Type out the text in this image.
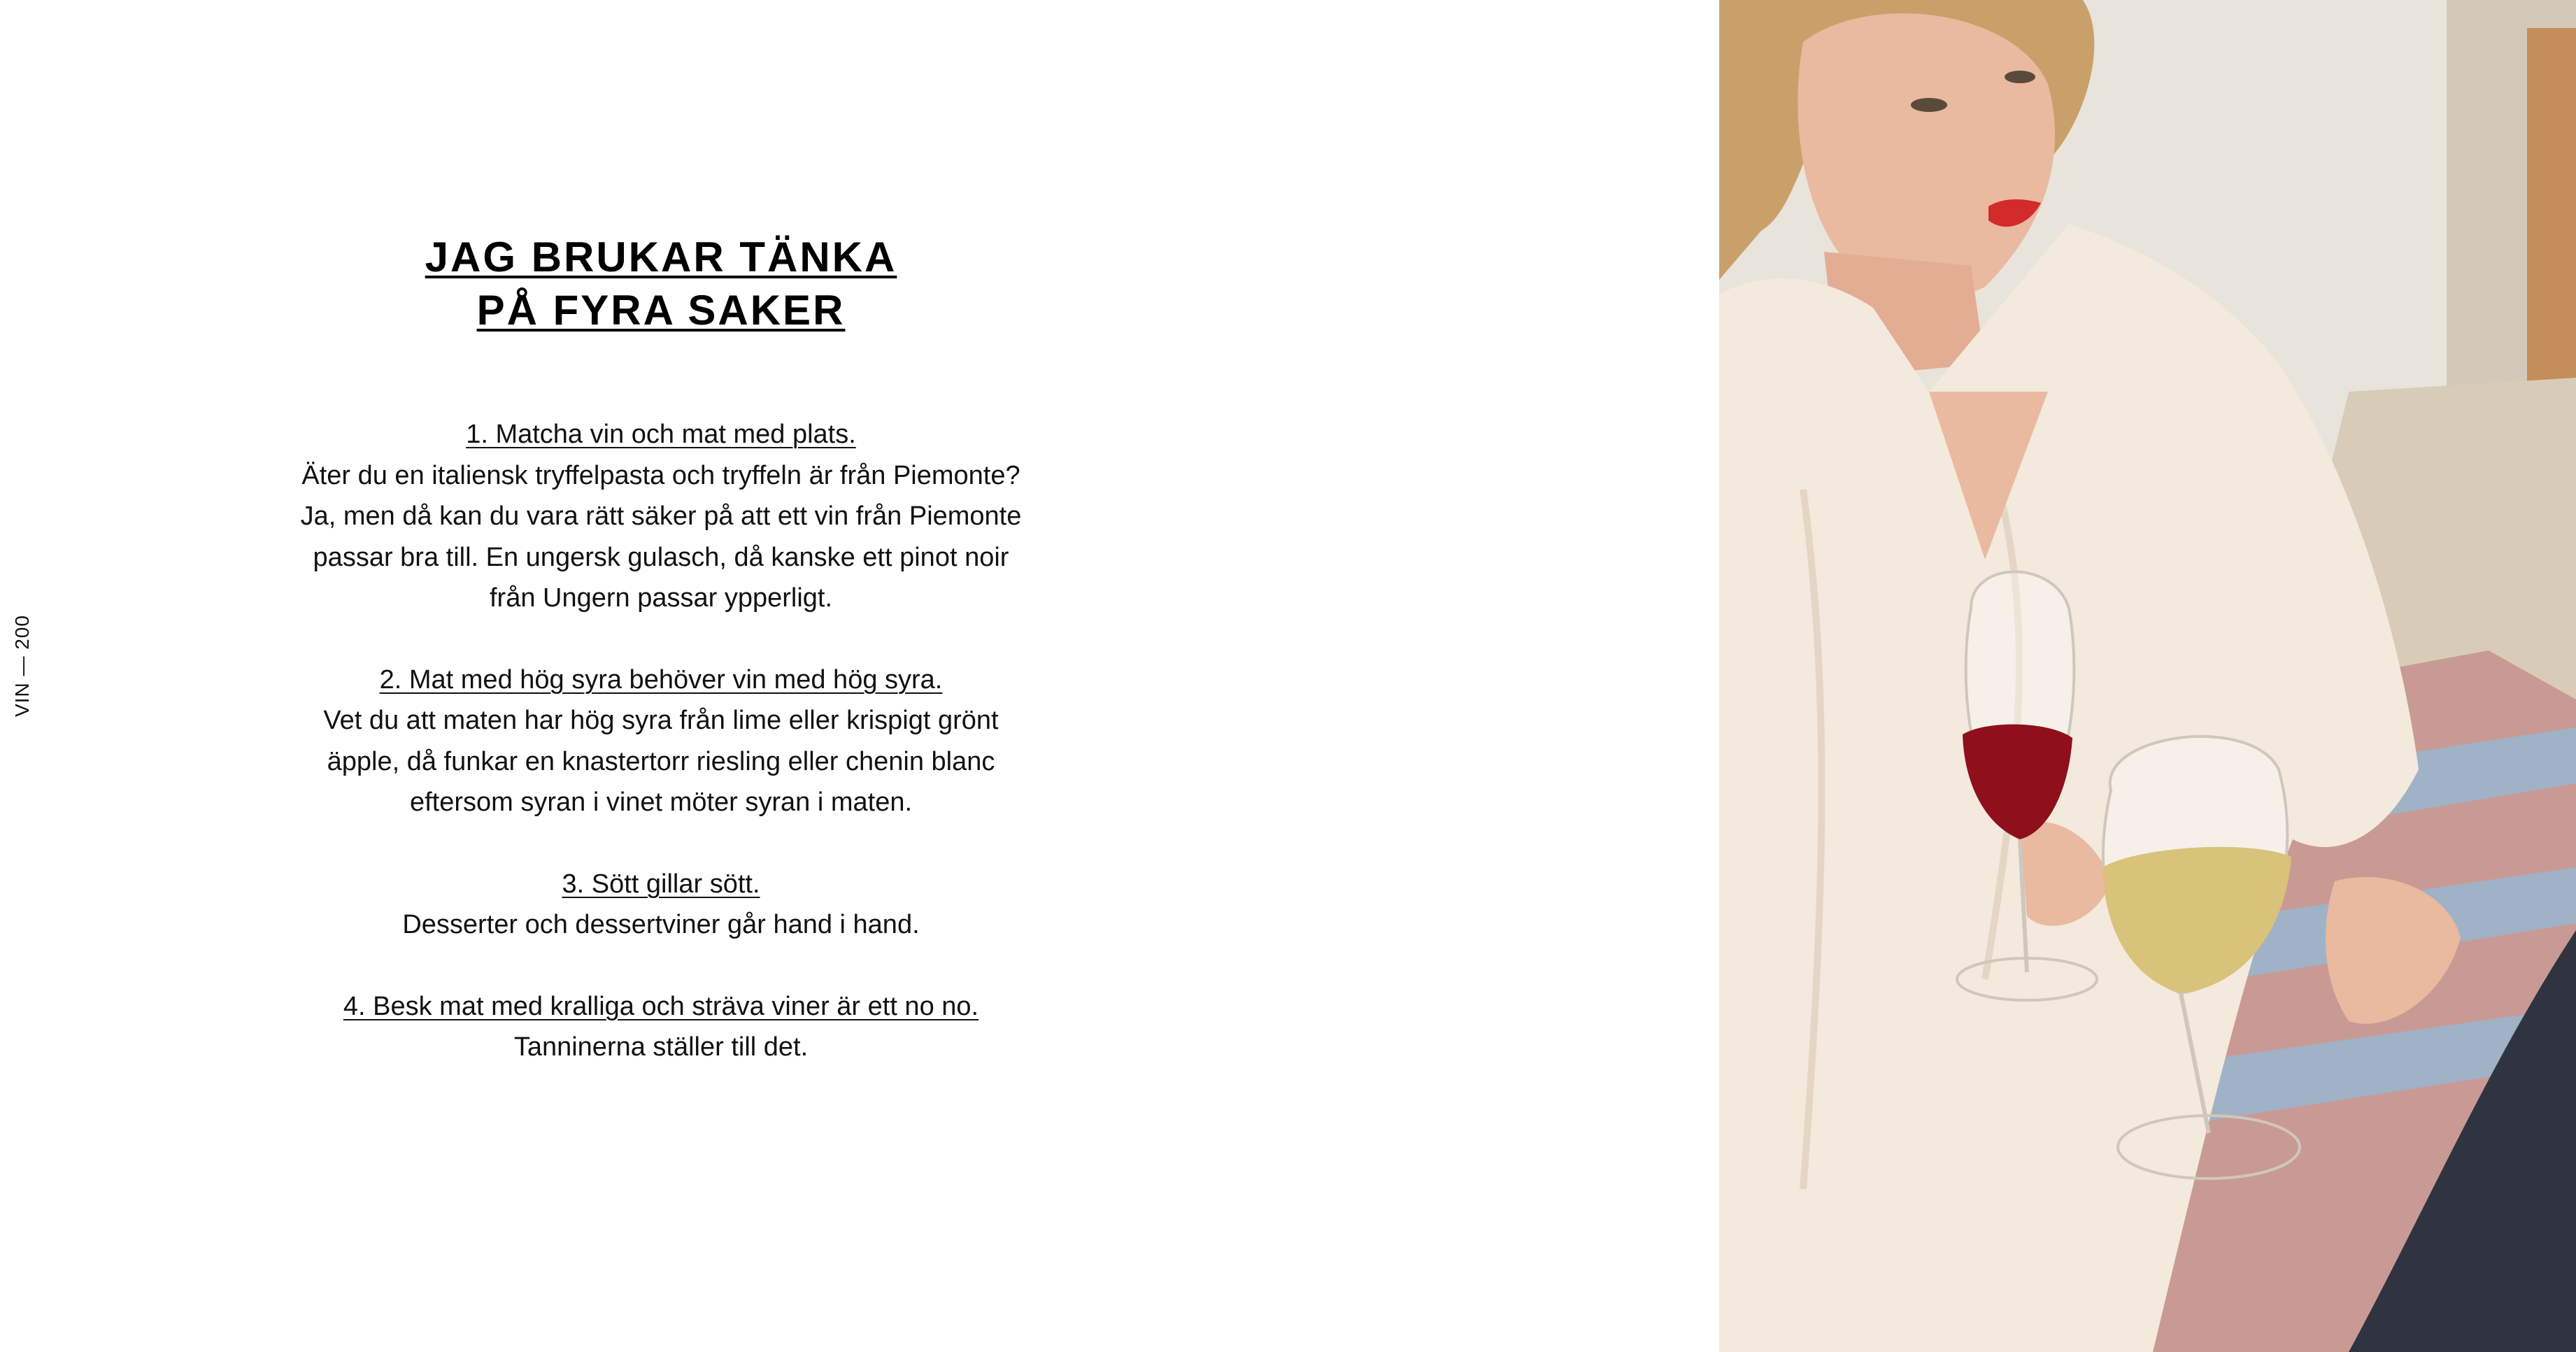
VIN — 200
JAG BRUKAR TÄNKA
PÅ FYRA SAKER
1. Matcha vin och mat med plats.
Äter du en italiensk tryffelpasta och tryffeln är från Piemonte?
Ja, men då kan du vara rätt säker på att ett vin från Piemonte
passar bra till. En ungersk gulasch, då kanske ett pinot noir
från Ungern passar ypperligt.
2. Mat med hög syra behöver vin med hög syra.
Vet du att maten har hög syra från lime eller krispigt grönt
äpple, då funkar en knastertorr riesling eller chenin blanc
eftersom syran i vinet möter syran i maten.
3. Sött gillar sött.
Desserter och dessertviner går hand i hand.
4. Besk mat med kralliga och sträva viner är ett no no.
Tanninerna ställer till det.
